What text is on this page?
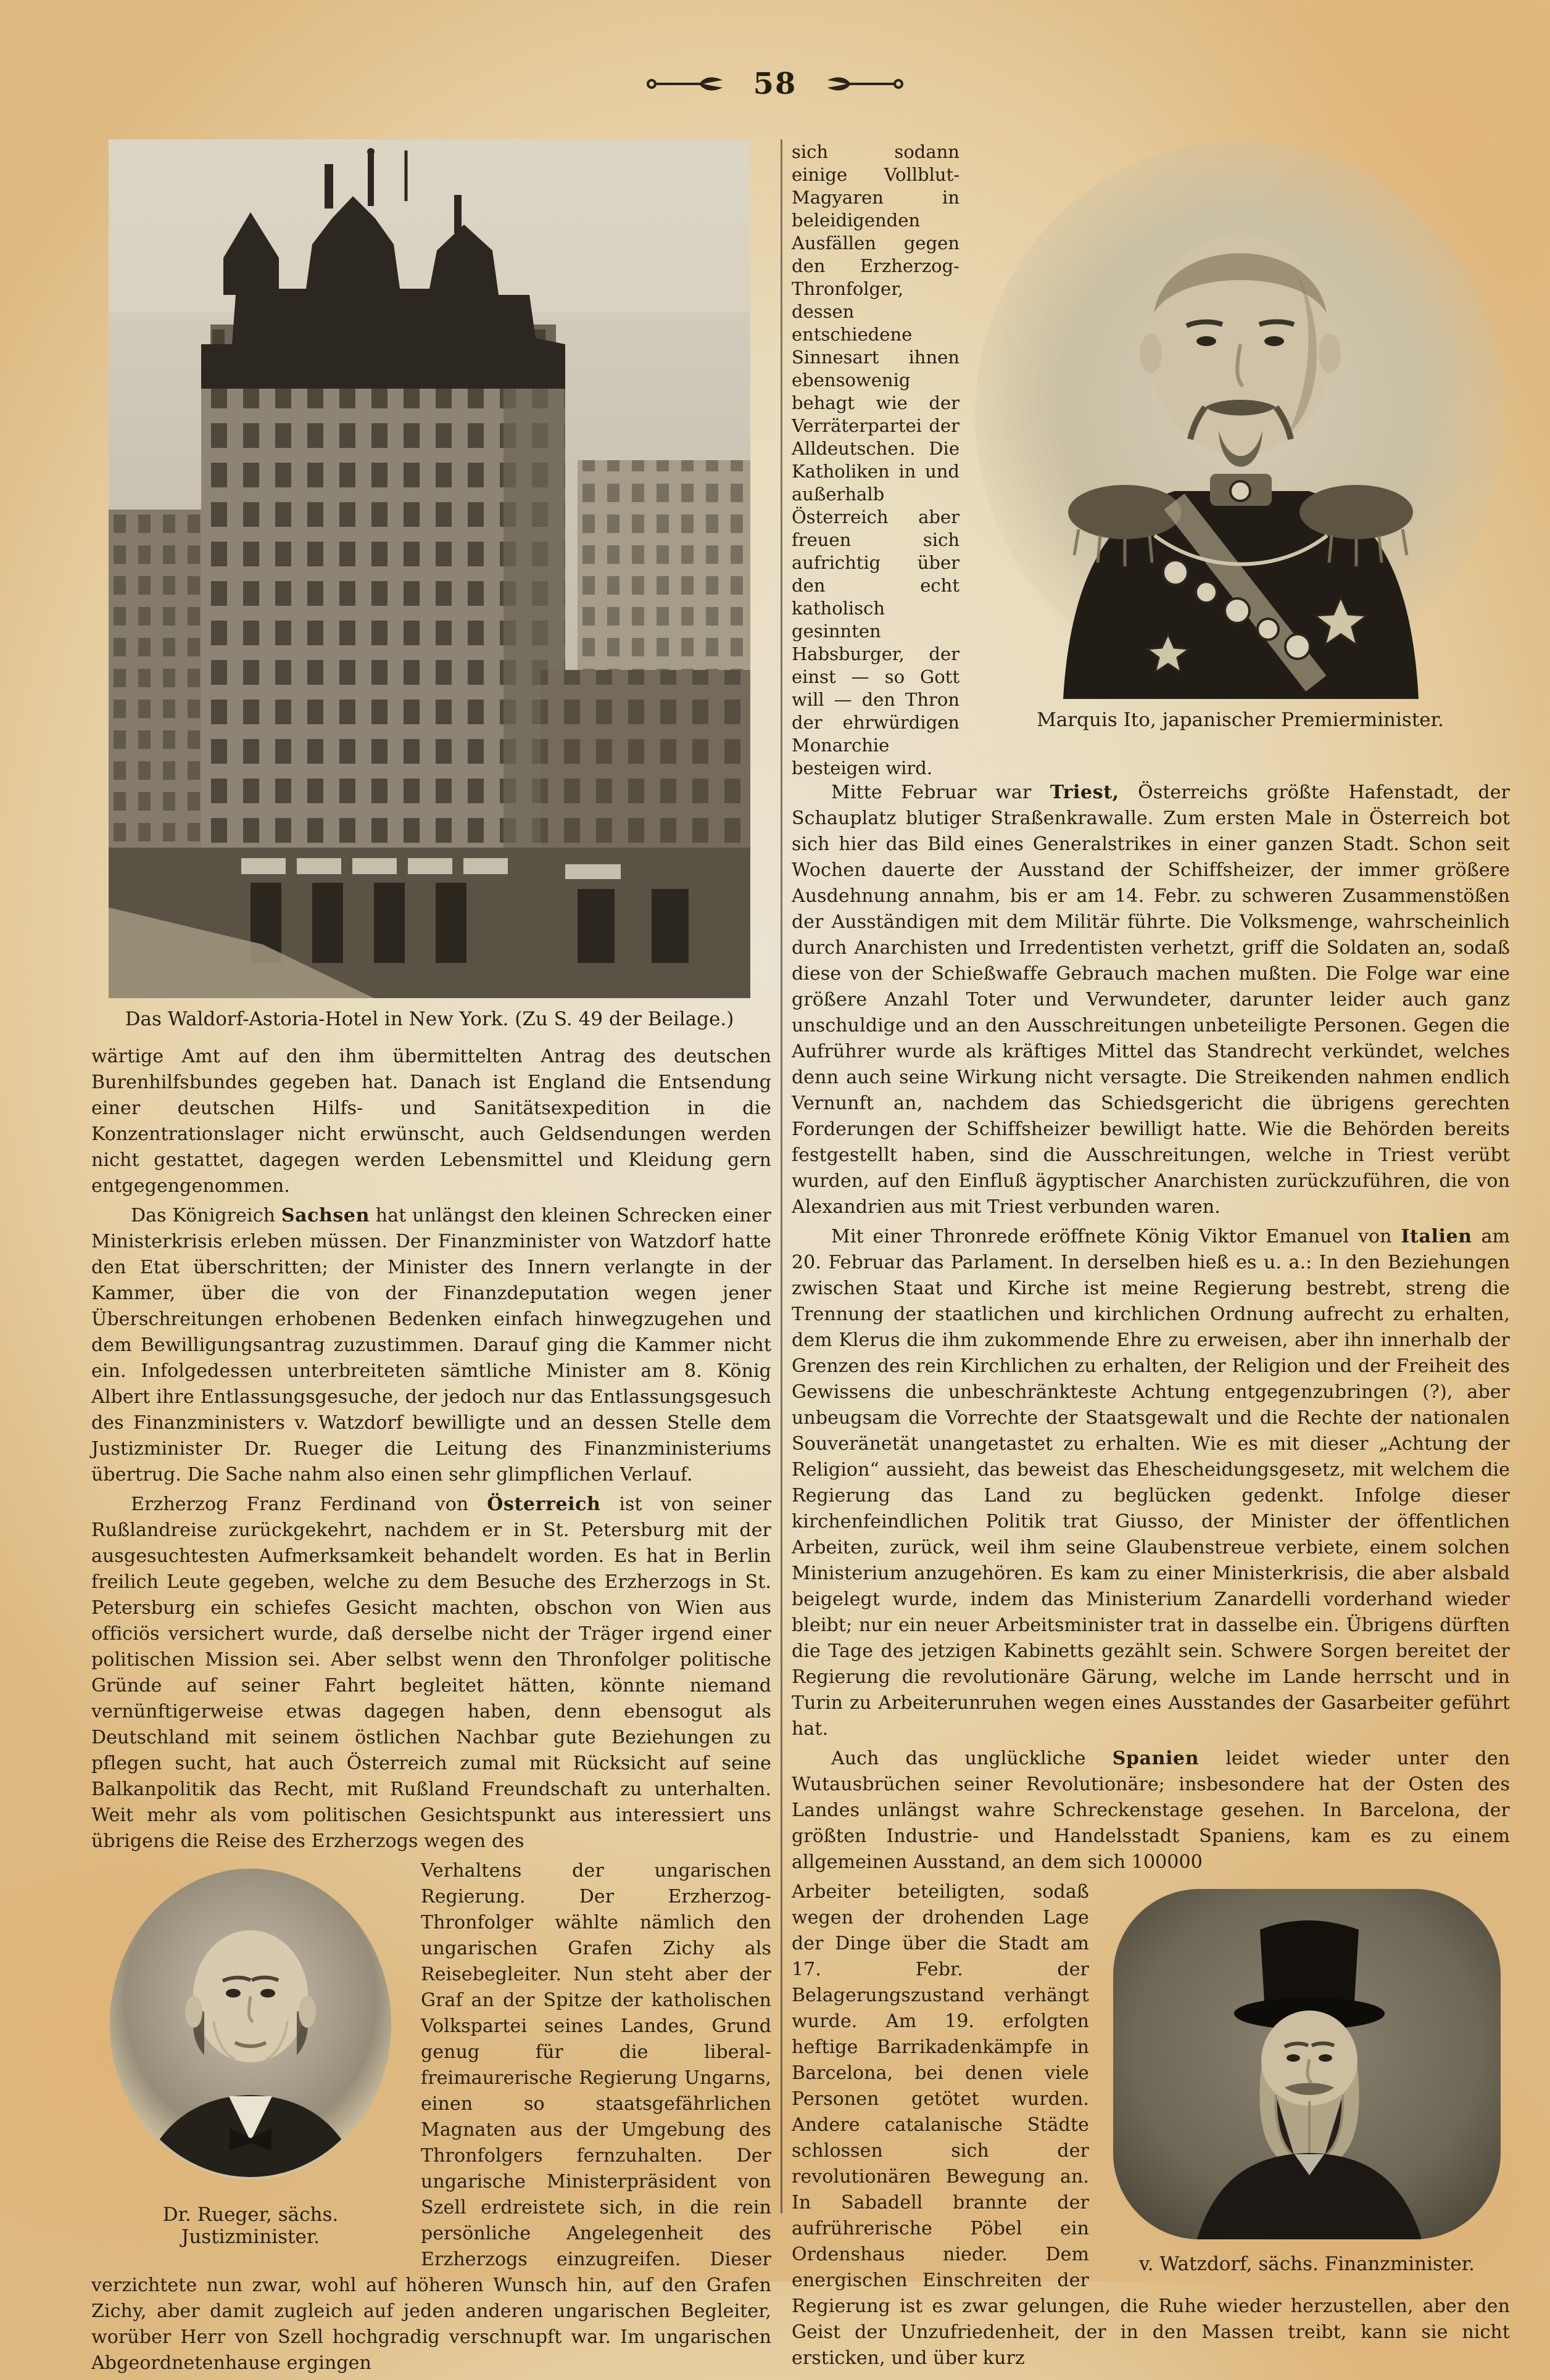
58
Das Waldorf-Astoria-Hotel in New York. (Zu S. 49 der Beilage.)

wärtige Amt auf den ihm übermittelten Antrag des deutschen Burenhilfsbundes gegeben hat. Danach ist England die Entsendung einer deutschen Hilfs- und Sanitätsexpedition in die Konzentrationslager nicht erwünscht, auch Geldsendungen werden nicht gestattet, dagegen werden Lebensmittel und Kleidung gern entgegengenommen.

Das Königreich Sachsen hat unlängst den kleinen Schrecken einer Ministerkrisis erleben müssen. Der Finanzminister von Watzdorf hatte den Etat überschritten; der Minister des Innern verlangte in der Kammer, über die von der Finanzdeputation wegen jener Überschreitungen erhobenen Bedenken einfach hinwegzugehen und dem Bewilligungsantrag zuzustimmen. Darauf ging die Kammer nicht ein. Infolgedessen unterbreiteten sämtliche Minister am 8. König Albert ihre Entlassungsgesuche, der jedoch nur das Entlassungsgesuch des Finanzministers v. Watzdorf bewilligte und an dessen Stelle dem Justizminister Dr. Rueger die Leitung des Finanzministeriums übertrug. Die Sache nahm also einen sehr glimpflichen Verlauf.

Erzherzog Franz Ferdinand von Österreich ist von seiner Rußlandreise zurückgekehrt, nachdem er in St. Petersburg mit der ausgesuchtesten Aufmerksamkeit behandelt worden. Es hat in Berlin freilich Leute gegeben, welche zu dem Besuche des Erzherzogs in St. Petersburg ein schiefes Gesicht machten, obschon von Wien aus officiös versichert wurde, daß derselbe nicht der Träger irgend einer politischen Mission sei. Aber selbst wenn den Thronfolger politische Gründe auf seiner Fahrt begleitet hätten, könnte niemand vernünftigerweise etwas dagegen haben, denn ebensogut als Deutschland mit seinem östlichen Nachbar gute Beziehungen zu pflegen sucht, hat auch Österreich zumal mit Rücksicht auf seine Balkanpolitik das Recht, mit Rußland Freundschaft zu unterhalten. Weit mehr als vom politischen Gesichtspunkt aus interessiert uns übrigens die Reise des Erzherzogs wegen des

Dr. Rueger, sächs. Justizminister.

Verhaltens der ungarischen Regierung. Der Erzherzog-Thronfolger wählte nämlich den ungarischen Grafen Zichy als Reisebegleiter. Nun steht aber der Graf an der Spitze der katholischen Volkspartei seines Landes, Grund genug für die liberal-freimaurerische Regierung Ungarns, einen so staatsgefährlichen Magnaten aus der Umgebung des Thronfolgers fernzuhalten. Der ungarische Ministerpräsident von Szell erdreistete sich, in die rein persönliche Angelegenheit des Erzherzogs einzugreifen. Dieser verzichtete nun zwar, wohl auf höheren Wunsch hin, auf den Grafen Zichy, aber damit zugleich auf jeden anderen ungarischen Begleiter, worüber Herr von Szell hochgradig verschnupft war. Im ungarischen Abgeordnetenhause ergingen

Marquis Ito, japanischer Premierminister.

sich sodann einige Vollblut-Magyaren in beleidigenden Ausfällen gegen den Erzherzog-Thronfolger, dessen entschiedene Sinnesart ihnen ebensowenig behagt wie der Verräterpartei der Alldeutschen. Die Katholiken in und außerhalb Österreich aber freuen sich aufrichtig über den echt katholisch gesinnten Habsburger, der einst — so Gott will — den Thron der ehrwürdigen Monarchie besteigen wird.

Mitte Februar war Triest, Österreichs größte Hafenstadt, der Schauplatz blutiger Straßenkrawalle. Zum ersten Male in Österreich bot sich hier das Bild eines Generalstrikes in einer ganzen Stadt. Schon seit Wochen dauerte der Ausstand der Schiffsheizer, der immer größere Ausdehnung annahm, bis er am 14. Febr. zu schweren Zusammenstößen der Ausständigen mit dem Militär führte. Die Volksmenge, wahrscheinlich durch Anarchisten und Irredentisten verhetzt, griff die Soldaten an, sodaß diese von der Schießwaffe Gebrauch machen mußten. Die Folge war eine größere Anzahl Toter und Verwundeter, darunter leider auch ganz unschuldige und an den Ausschreitungen unbeteiligte Personen. Gegen die Aufrührer wurde als kräftiges Mittel das Standrecht verkündet, welches denn auch seine Wirkung nicht versagte. Die Streikenden nahmen endlich Vernunft an, nachdem das Schiedsgericht die übrigens gerechten Forderungen der Schiffsheizer bewilligt hatte. Wie die Behörden bereits festgestellt haben, sind die Ausschreitungen, welche in Triest verübt wurden, auf den Einfluß ägyptischer Anarchisten zurückzuführen, die von Alexandrien aus mit Triest verbunden waren.

Mit einer Thronrede eröffnete König Viktor Emanuel von Italien am 20. Februar das Parlament. In derselben hieß es u. a.: In den Beziehungen zwischen Staat und Kirche ist meine Regierung bestrebt, streng die Trennung der staatlichen und kirchlichen Ordnung aufrecht zu erhalten, dem Klerus die ihm zukommende Ehre zu erweisen, aber ihn innerhalb der Grenzen des rein Kirchlichen zu erhalten, der Religion und der Freiheit des Gewissens die unbeschränkteste Achtung entgegenzubringen (?), aber unbeugsam die Vorrechte der Staatsgewalt und die Rechte der nationalen Souveränetät unangetastet zu erhalten. Wie es mit dieser „Achtung der Religion“ aussieht, das beweist das Ehescheidungsgesetz, mit welchem die Regierung das Land zu beglücken gedenkt. Infolge dieser kirchenfeindlichen Politik trat Giusso, der Minister der öffentlichen Arbeiten, zurück, weil ihm seine Glaubenstreue verbiete, einem solchen Ministerium anzugehören. Es kam zu einer Ministerkrisis, die aber alsbald beigelegt wurde, indem das Ministerium Zanardelli vorderhand wieder bleibt; nur ein neuer Arbeitsminister trat in dasselbe ein. Übrigens dürften die Tage des jetzigen Kabinetts gezählt sein. Schwere Sorgen bereitet der Regierung die revolutionäre Gärung, welche im Lande herrscht und in Turin zu Arbeiterunruhen wegen eines Ausstandes der Gasarbeiter geführt hat.

Auch das unglückliche Spanien leidet wieder unter den Wutausbrüchen seiner Revolutionäre; insbesondere hat der Osten des Landes unlängst wahre Schreckenstage gesehen. In Barcelona, der größten Industrie- und Handelsstadt Spaniens, kam es zu einem allgemeinen Ausstand, an dem sich 100000

v. Watzdorf, sächs. Finanzminister.

Arbeiter beteiligten, sodaß wegen der drohenden Lage der Dinge über die Stadt am 17. Febr. der Belagerungszustand verhängt wurde. Am 19. erfolgten heftige Barrikadenkämpfe in Barcelona, bei denen viele Personen getötet wurden. Andere catalanische Städte schlossen sich der revolutionären Bewegung an. In Sabadell brannte der aufrührerische Pöbel ein Ordenshaus nieder. Dem energischen Einschreiten der Regierung ist es zwar gelungen, die Ruhe wieder herzustellen, aber den Geist der Unzufriedenheit, der in den Massen treibt, kann sie nicht ersticken, und über kurz
